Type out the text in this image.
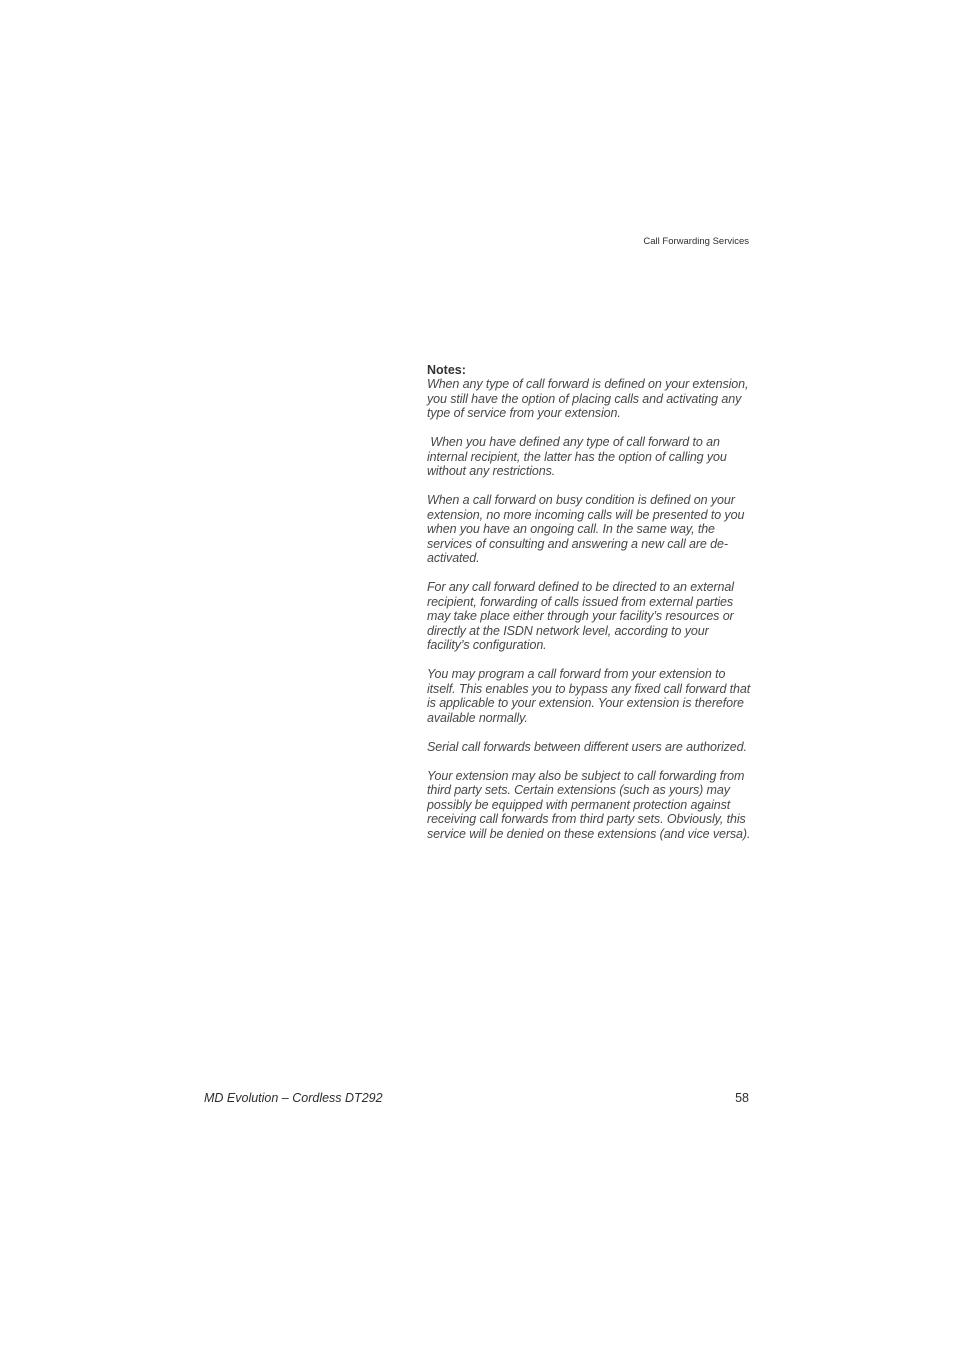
Call Forwarding Services
Notes:

When any type of call forward is defined on your extension, you still have the option of placing calls and activating any type of service from your extension.

When you have defined any type of call forward to an internal recipient, the latter has the option of calling you without any restrictions.

When a call forward on busy condition is defined on your extension, no more incoming calls will be presented to you when you have an ongoing call. In the same way, the services of consulting and answering a new call are de-activated.

For any call forward defined to be directed to an external recipient, forwarding of calls issued from external parties may take place either through your facility’s resources or directly at the ISDN network level, according to your facility’s configuration.

You may program a call forward from your extension to itself. This enables you to bypass any fixed call forward that is applicable to your extension. Your extension is therefore available normally.

Serial call forwards between different users are authorized.

Your extension may also be subject to call forwarding from third party sets. Certain extensions (such as yours) may possibly be equipped with permanent protection against receiving call forwards from third party sets. Obviously, this service will be denied on these extensions (and vice versa).

MD Evolution – Cordless DT292	58
